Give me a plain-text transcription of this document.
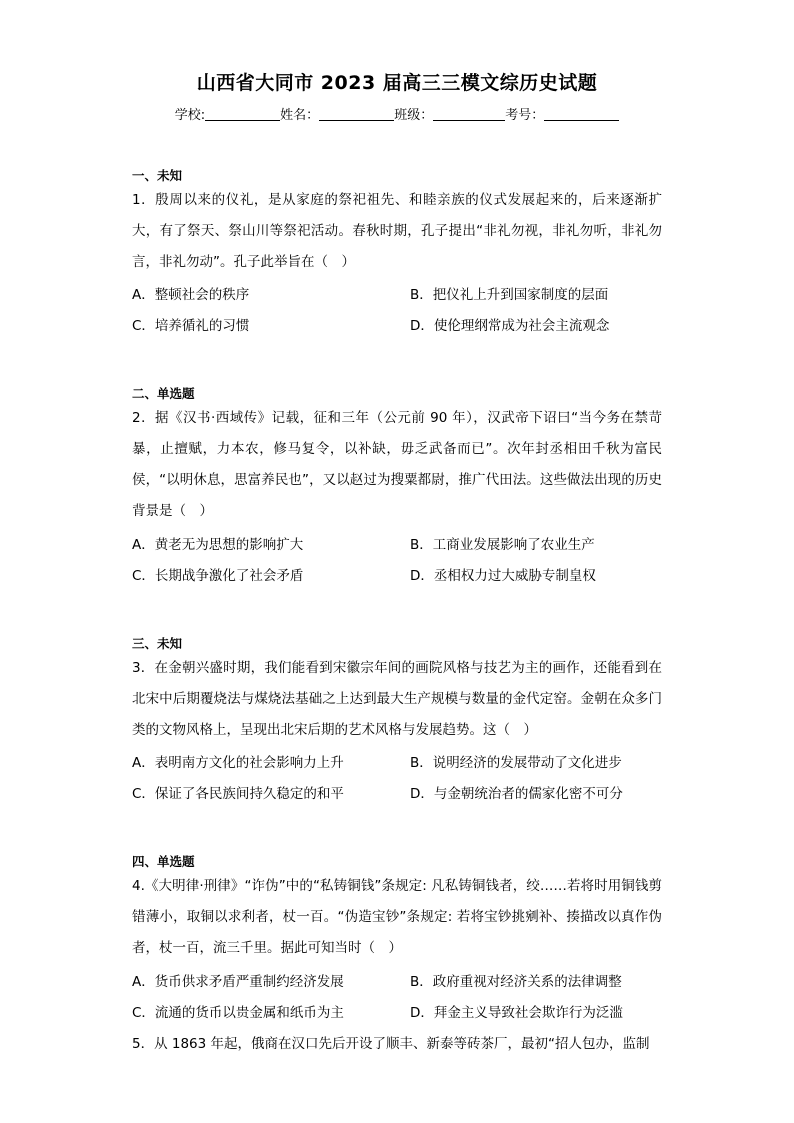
山西省大同市 2023 届高三三模文综历史试题
学校:	姓名：	班级：	考号：
一、未知
1．殷周以来的仪礼，是从家庭的祭祀祖先、和睦亲族的仪式发展起来的，后来逐渐扩大，有了祭天、祭山川等祭祀活动。春秋时期，孔子提出“非礼勿视，非礼勿听，非礼勿言，非礼勿动”。孔子此举旨在（　）
A．整顿社会的秩序	B．把仪礼上升到国家制度的层面
C．培养循礼的习惯	D．使伦理纲常成为社会主流观念
二、单选题
2．据《汉书·西域传》记载，征和三年（公元前 90 年），汉武帝下诏曰“当今务在禁苛暴，止擅赋，力本农，修马复令，以补缺，毋乏武备而已”。次年封丞相田千秋为富民侯，“以明休息，思富养民也”，又以赵过为搜粟都尉，推广代田法。这些做法出现的历史背景是（　）
A．黄老无为思想的影响扩大	B．工商业发展影响了农业生产
C．长期战争激化了社会矛盾	D．丞相权力过大威胁专制皇权
三、未知
3．在金朝兴盛时期，我们能看到宋徽宗年间的画院风格与技艺为主的画作，还能看到在北宋中后期覆烧法与煤烧法基础之上达到最大生产规模与数量的金代定窑。金朝在众多门类的文物风格上，呈现出北宋后期的艺术风格与发展趋势。这（　）
A．表明南方文化的社会影响力上升	B．说明经济的发展带动了文化进步
C．保证了各民族间持久稳定的和平	D．与金朝统治者的儒家化密不可分
四、单选题
4.《大明律·刑律》“诈伪”中的“私铸铜钱”条规定: 凡私铸铜钱者，绞……若将时用铜钱剪错薄小，取铜以求利者，杖一百。“伪造宝钞”条规定: 若将宝钞挑剜补、揍描改以真作伪者，杖一百，流三千里。据此可知当时（　）
A．货币供求矛盾严重制约经济发展	B．政府重视对经济关系的法律调整
C．流通的货币以贵金属和纸币为主	D．拜金主义导致社会欺诈行为泛滥
5．从 1863 年起，俄商在汉口先后开设了顺丰、新泰等砖茶厂，最初“招人包办，监制
